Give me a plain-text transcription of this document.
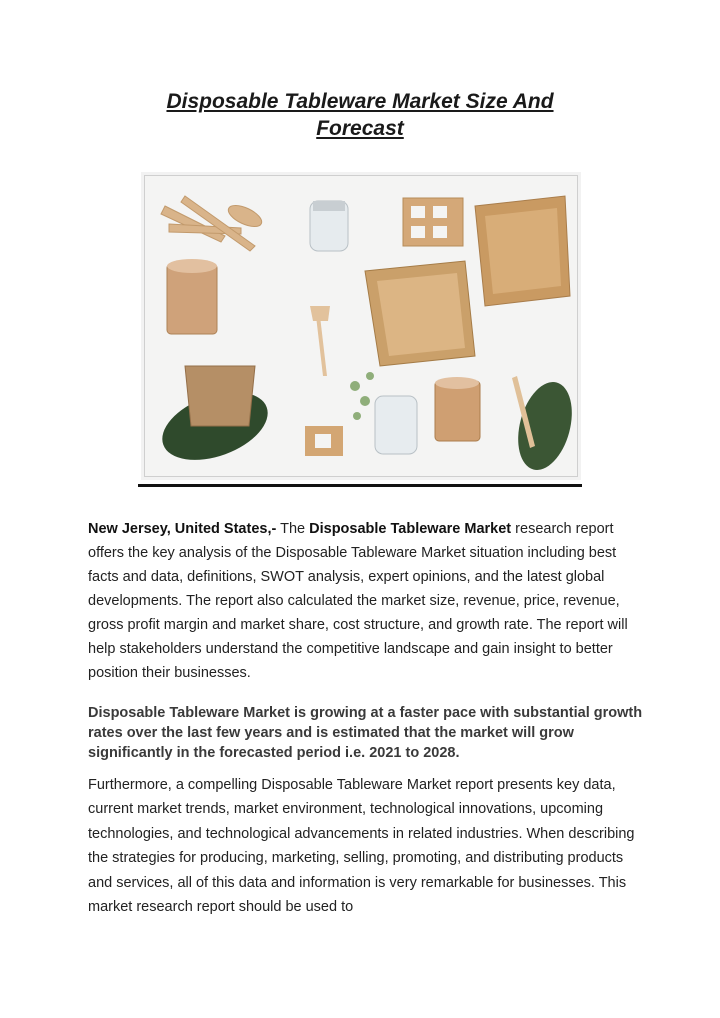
Disposable Tableware Market Size And
Forecast
New Jersey, United States,- The Disposable Tableware Market research report offers the key analysis of the Disposable Tableware Market situation including best facts and data, definitions, SWOT analysis, expert opinions, and the latest global developments. The report also calculated the market size, revenue, price, revenue, gross profit margin and market share, cost structure, and growth rate. The report will help stakeholders understand the competitive landscape and gain insight to better position their businesses.
Disposable Tableware Market is growing at a faster pace with substantial growth rates over the last few years and is estimated that the market will grow significantly in the forecasted period i.e. 2021 to 2028.
Furthermore, a compelling Disposable Tableware Market report presents key data, current market trends, market environment, technological innovations, upcoming technologies, and technological advancements in related industries. When describing the strategies for producing, marketing, selling, promoting, and distributing products and services, all of this data and information is very remarkable for businesses. This market research report should be used to
